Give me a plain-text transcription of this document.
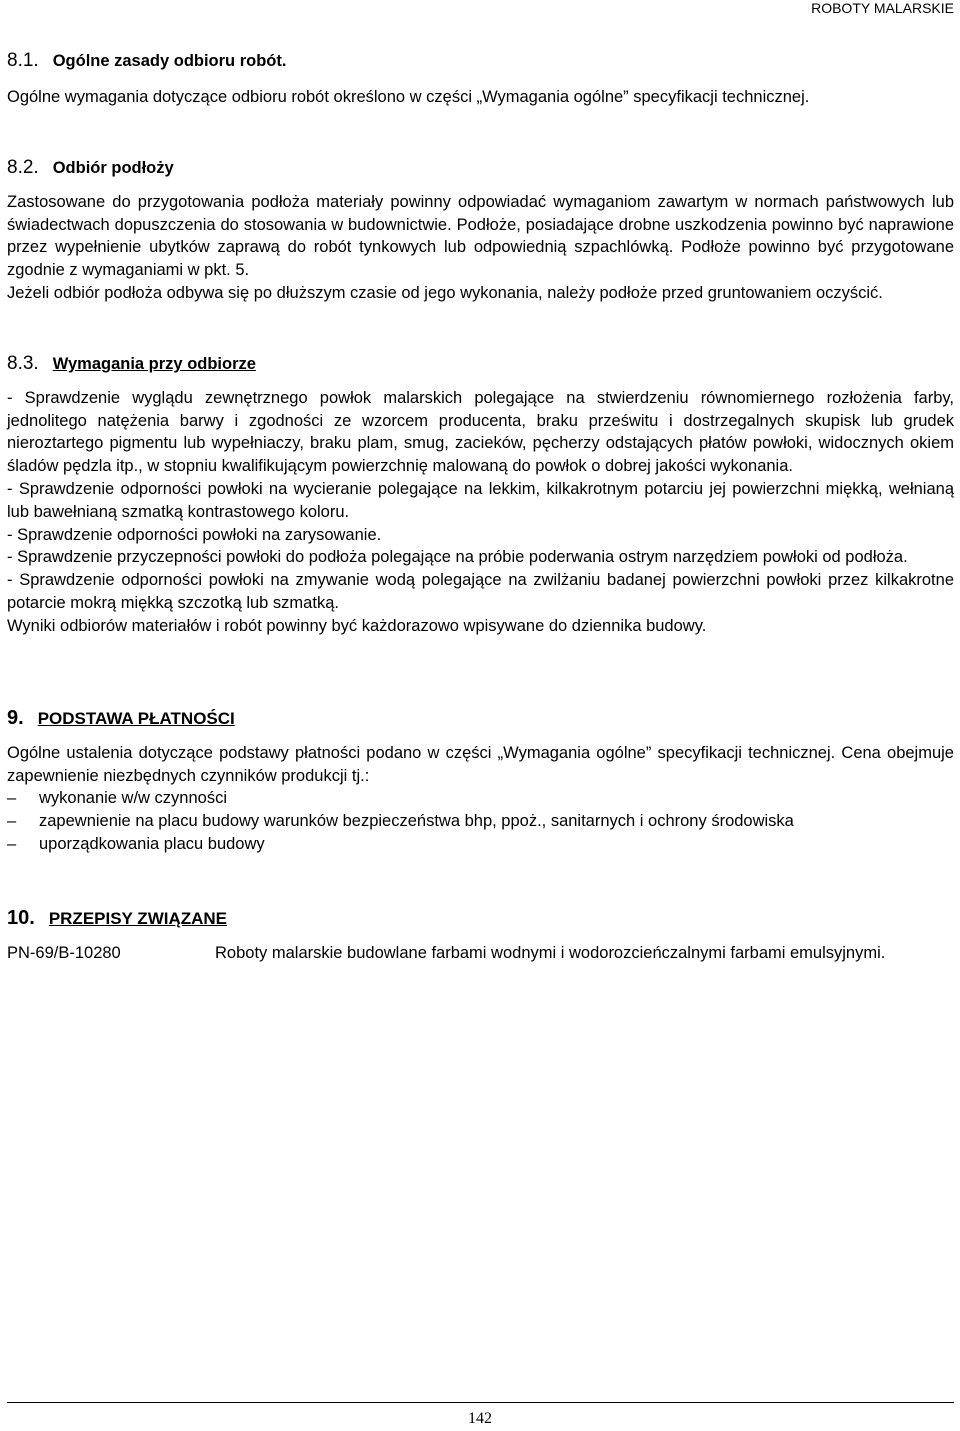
ROBOTY MALARSKIE
8.1. Ogólne zasady odbioru robót.

Ogólne wymagania dotyczące odbioru robót określono w części „Wymagania ogólne” specyfikacji technicznej.

8.2. Odbiór podłoży

Zastosowane do przygotowania podłoża materiały powinny odpowiadać wymaganiom zawartym w normach państwowych lub świadectwach dopuszczenia do stosowania w budownictwie. Podłoże, posiadające drobne uszkodzenia powinno być naprawione przez wypełnienie ubytków zaprawą do robót tynkowych lub odpowiednią szpachlówką. Podłoże powinno być przygotowane zgodnie z wymaganiami w pkt. 5.

Jeżeli odbiór podłoża odbywa się po dłuższym czasie od jego wykonania, należy podłoże przed gruntowaniem oczyścić.

8.3. Wymagania przy odbiorze

- Sprawdzenie wyglądu zewnętrznego powłok malarskich polegające na stwierdzeniu równomiernego rozłożenia farby, jednolitego natężenia barwy i zgodności ze wzorcem producenta, braku prześwitu i dostrzegalnych skupisk lub grudek nieroztartego pigmentu lub wypełniaczy, braku plam, smug, zacieków, pęcherzy odstających płatów powłoki, widocznych okiem śladów pędzla itp., w stopniu kwalifikującym powierzchnię malowaną do powłok o dobrej jakości wykonania.

- Sprawdzenie odporności powłoki na wycieranie polegające na lekkim, kilkakrotnym potarciu jej powierzchni miękką, wełnianą lub bawełnianą szmatką kontrastowego koloru.

- Sprawdzenie odporności powłoki na zarysowanie.

- Sprawdzenie przyczepności powłoki do podłoża polegające na próbie poderwania ostrym narzędziem powłoki od podłoża.

- Sprawdzenie odporności powłoki na zmywanie wodą polegające na zwilżaniu badanej powierzchni powłoki przez kilkakrotne potarcie mokrą miękką szczotką lub szmatką.

Wyniki odbiorów materiałów i robót powinny być każdorazowo wpisywane do dziennika budowy.

9. PODSTAWA PŁATNOŚCI

Ogólne ustalenia dotyczące podstawy płatności podano w części „Wymagania ogólne” specyfikacji technicznej. Cena obejmuje zapewnienie niezbędnych czynników produkcji tj.:

–	wykonanie w/w czynności
–	zapewnienie na placu budowy warunków bezpieczeństwa bhp, ppoż., sanitarnych i ochrony środowiska
–	uporządkowania placu budowy
10. PRZEPISY ZWIĄZANE
PN-69/B-10280	Roboty malarskie budowlane farbami wodnymi i wodorozcieńczalnymi farbami emulsyjnymi.
142
